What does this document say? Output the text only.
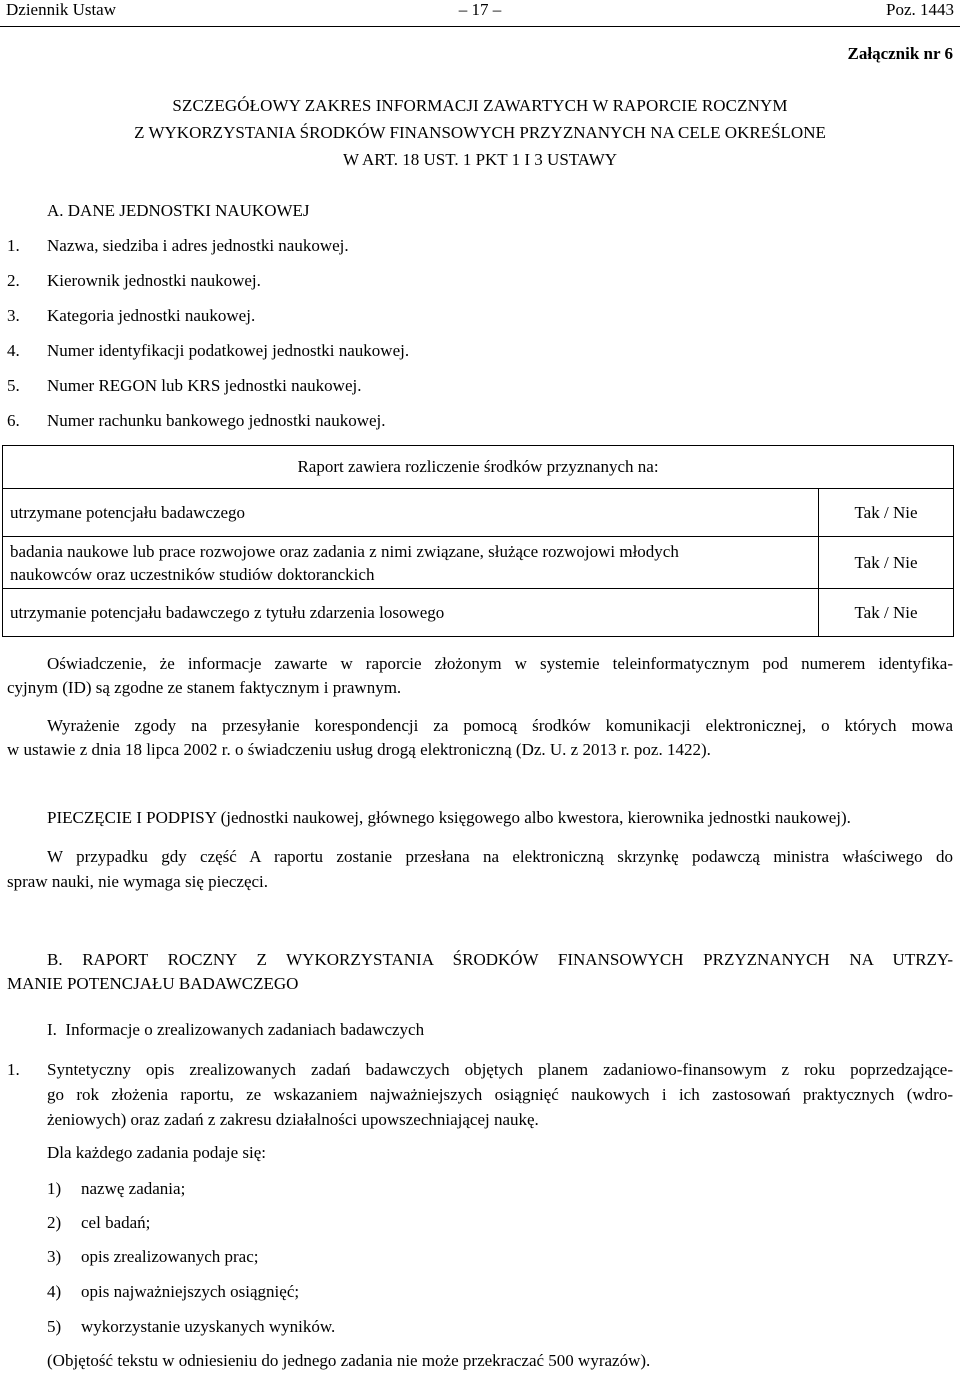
Dziennik Ustaw	– 17 –	Poz. 1443
Załącznik nr 6
SZCZEGÓŁOWY ZAKRES INFORMACJI ZAWARTYCH W RAPORCIE ROCZNYM
Z WYKORZYSTANIA ŚRODKÓW FINANSOWYCH PRZYZNANYCH NA CELE OKREŚLONE
W ART. 18 UST. 1 PKT 1 I 3 USTAWY
A. DANE JEDNOSTKI NAUKOWEJ
1. Nazwa, siedziba i adres jednostki naukowej.
2. Kierownik jednostki naukowej.
3. Kategoria jednostki naukowej.
4. Numer identyfikacji podatkowej jednostki naukowej.
5. Numer REGON lub KRS jednostki naukowej.
6. Numer rachunku bankowego jednostki naukowej.
Raport zawiera rozliczenie środków przyznanych na:	
utrzymane potencjału badawczego	Tak / Nie

badania naukowe lub prace rozwojowe oraz zadania z nimi związane, służące rozwojowi młodych
naukowców oraz uczestników studiów doktoranckich	Tak / Nie
utrzymanie potencjału badawczego z tytułu zdarzenia losowego	Tak / Nie
Oświadczenie, że informacje zawarte w raporcie złożonym w systemie teleinformatycznym pod numerem identyfika-
cyjnym (ID) są zgodne ze stanem faktycznym i prawnym.
Wyrażenie zgody na przesyłanie korespondencji za pomocą środków komunikacji elektronicznej, o których mowa
w ustawie z dnia 18 lipca 2002 r. o świadczeniu usług drogą elektroniczną (Dz. U. z 2013 r. poz. 1422).
PIECZĘCIE I PODPISY (jednostki naukowej, głównego księgowego albo kwestora, kierownika jednostki naukowej).
W przypadku gdy część A raportu zostanie przesłana na elektroniczną skrzynkę podawczą ministra właściwego do
spraw nauki, nie wymaga się pieczęci.
B. RAPORT ROCZNY Z WYKORZYSTANIA ŚRODKÓW FINANSOWYCH PRZYZNANYCH NA UTRZY-
MANIE POTENCJAŁU BADAWCZEGO
I.  Informacje o zrealizowanych zadaniach badawczych
1. Syntetyczny opis zrealizowanych zadań badawczych objętych planem zadaniowo-finansowym z roku poprzedzające-
go rok złożenia raportu, ze wskazaniem najważniejszych osiągnięć naukowych i ich zastosowań praktycznych (wdro-
żeniowych) oraz zadań z zakresu działalności upowszechniającej naukę.
Dla każdego zadania podaje się:
1) nazwę zadania;
2) cel badań;
3) opis zrealizowanych prac;
4) opis najważniejszych osiągnięć;
5) wykorzystanie uzyskanych wyników.
(Objętość tekstu w odniesieniu do jednego zadania nie może przekraczać 500 wyrazów).
